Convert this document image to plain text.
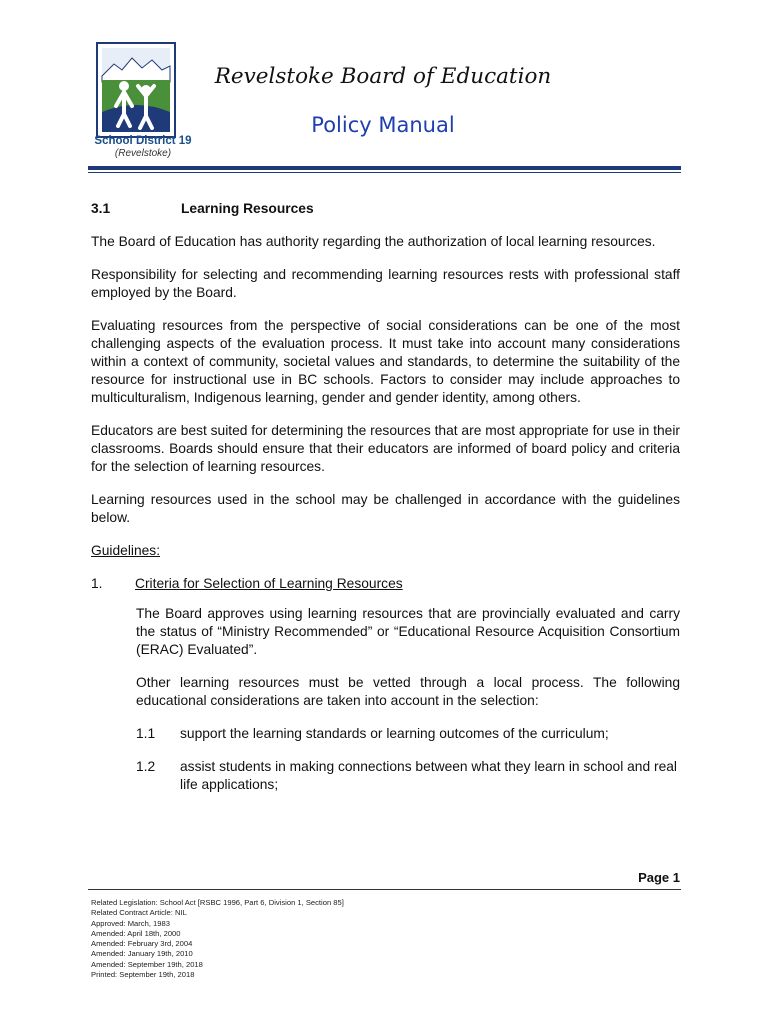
School District 19
(Revelstoke)
Revelstoke Board of Education
Policy Manual
3.1	Learning Resources

The Board of Education has authority regarding the authorization of local learning resources.

Responsibility for selecting and recommending learning resources rests with professional staff employed by the Board.

Evaluating resources from the perspective of social considerations can be one of the most challenging aspects of the evaluation process. It must take into account many considerations within a context of community, societal values and standards, to determine the suitability of the resource for instructional use in BC schools. Factors to consider may include approaches to multiculturalism, Indigenous learning, gender and gender identity, among others.

Educators are best suited for determining the resources that are most appropriate for use in their classrooms. Boards should ensure that their educators are informed of board policy and criteria for the selection of learning resources.

Learning resources used in the school may be challenged in accordance with the guidelines below.

Guidelines:

1.	Criteria for Selection of Learning Resources

The Board approves using learning resources that are provincially evaluated and carry the status of “Ministry Recommended” or “Educational Resource Acquisition Consortium (ERAC) Evaluated”.

Other learning resources must be vetted through a local process. The following educational considerations are taken into account in the selection:

1.1	support the learning standards or learning outcomes of the curriculum;
1.2	assist students in making connections between what they learn in school and real life applications;
Page 1
Related Legislation: School Act [RSBC 1996, Part 6, Division 1, Section 85]
Related Contract Article: NIL
Approved: March, 1983
Amended: April 18th, 2000
Amended: February 3rd, 2004
Amended: January 19th, 2010
Amended: September 19th, 2018
Printed: September 19th, 2018
